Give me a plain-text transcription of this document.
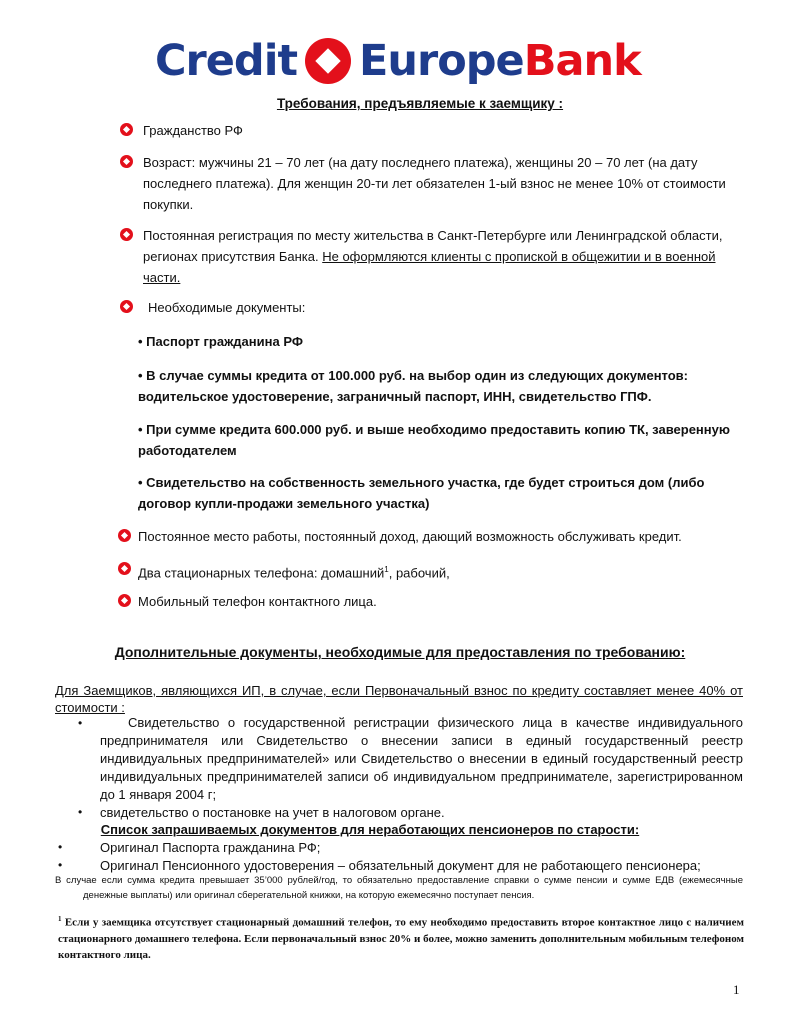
Credit Europe Bank
Требования, предъявляемые к заемщику :
Гражданство РФ
Возраст: мужчины 21 – 70 лет (на дату последнего платежа), женщины 20 – 70 лет (на дату последнего платежа). Для женщин 20-ти лет обязателен 1-ый взнос не менее 10% от стоимости покупки.
Постоянная регистрация по месту жительства в Санкт-Петербурге или Ленинградской области, регионах присутствия Банка. Не оформляются клиенты с пропиской в общежитии и в военной части.
Необходимые документы:
• Паспорт гражданина РФ
• В случае суммы кредита от 100.000 руб. на выбор один из следующих документов: водительское удостоверение, заграничный паспорт, ИНН, свидетельство ГПФ.
• При сумме кредита 600.000 руб. и выше необходимо предоставить копию ТК, заверенную работодателем
• Свидетельство на собственность земельного участка, где будет строиться дом (либо договор купли-продажи земельного участка)
Постоянное место работы, постоянный доход, дающий возможность обслуживать кредит.
Два стационарных телефона: домашний$^1$, рабочий,
Мобильный телефон контактного лица.
Дополнительные документы, необходимые для предоставления по требованию:
Для Заемщиков, являющихся ИП, в случае, если Первоначальный взнос по кредиту составляет менее 40% от стоимости :
•	Свидетельство о государственной регистрации физического лица в качестве индивидуального предпринимателя или Свидетельство о внесении записи в единый государственный реестр индивидуальных предпринимателей» или Свидетельство о внесении в единый государственный реестр индивидуальных предпринимателей записи об индивидуальном предпринимателе, зарегистрированном до 1 января 2004 г;
• свидетельство о постановке на учет в налоговом органе.
Список запрашиваемых документов для неработающих пенсионеров по старости:
•	Оригинал Паспорта гражданина РФ;
•	Оригинал Пенсионного удостоверения – обязательный документ для не работающего пенсионера;
В случае если сумма кредита превышает 35’000 рублей/год, то обязательно предоставление справки о сумме пенсии и сумме ЕДВ (ежемесячные денежные выплаты) или оригинал сберегательной книжки, на которую ежемесячно поступает пенсия.
$^1$ Если у заемщика отсутствует стационарный домашний телефон, то ему необходимо предоставить второе контактное лицо с наличием стационарного домашнего телефона. Если первоначальный взнос 20% и более, можно заменить дополнительным мобильным телефоном контактного лица.
1
